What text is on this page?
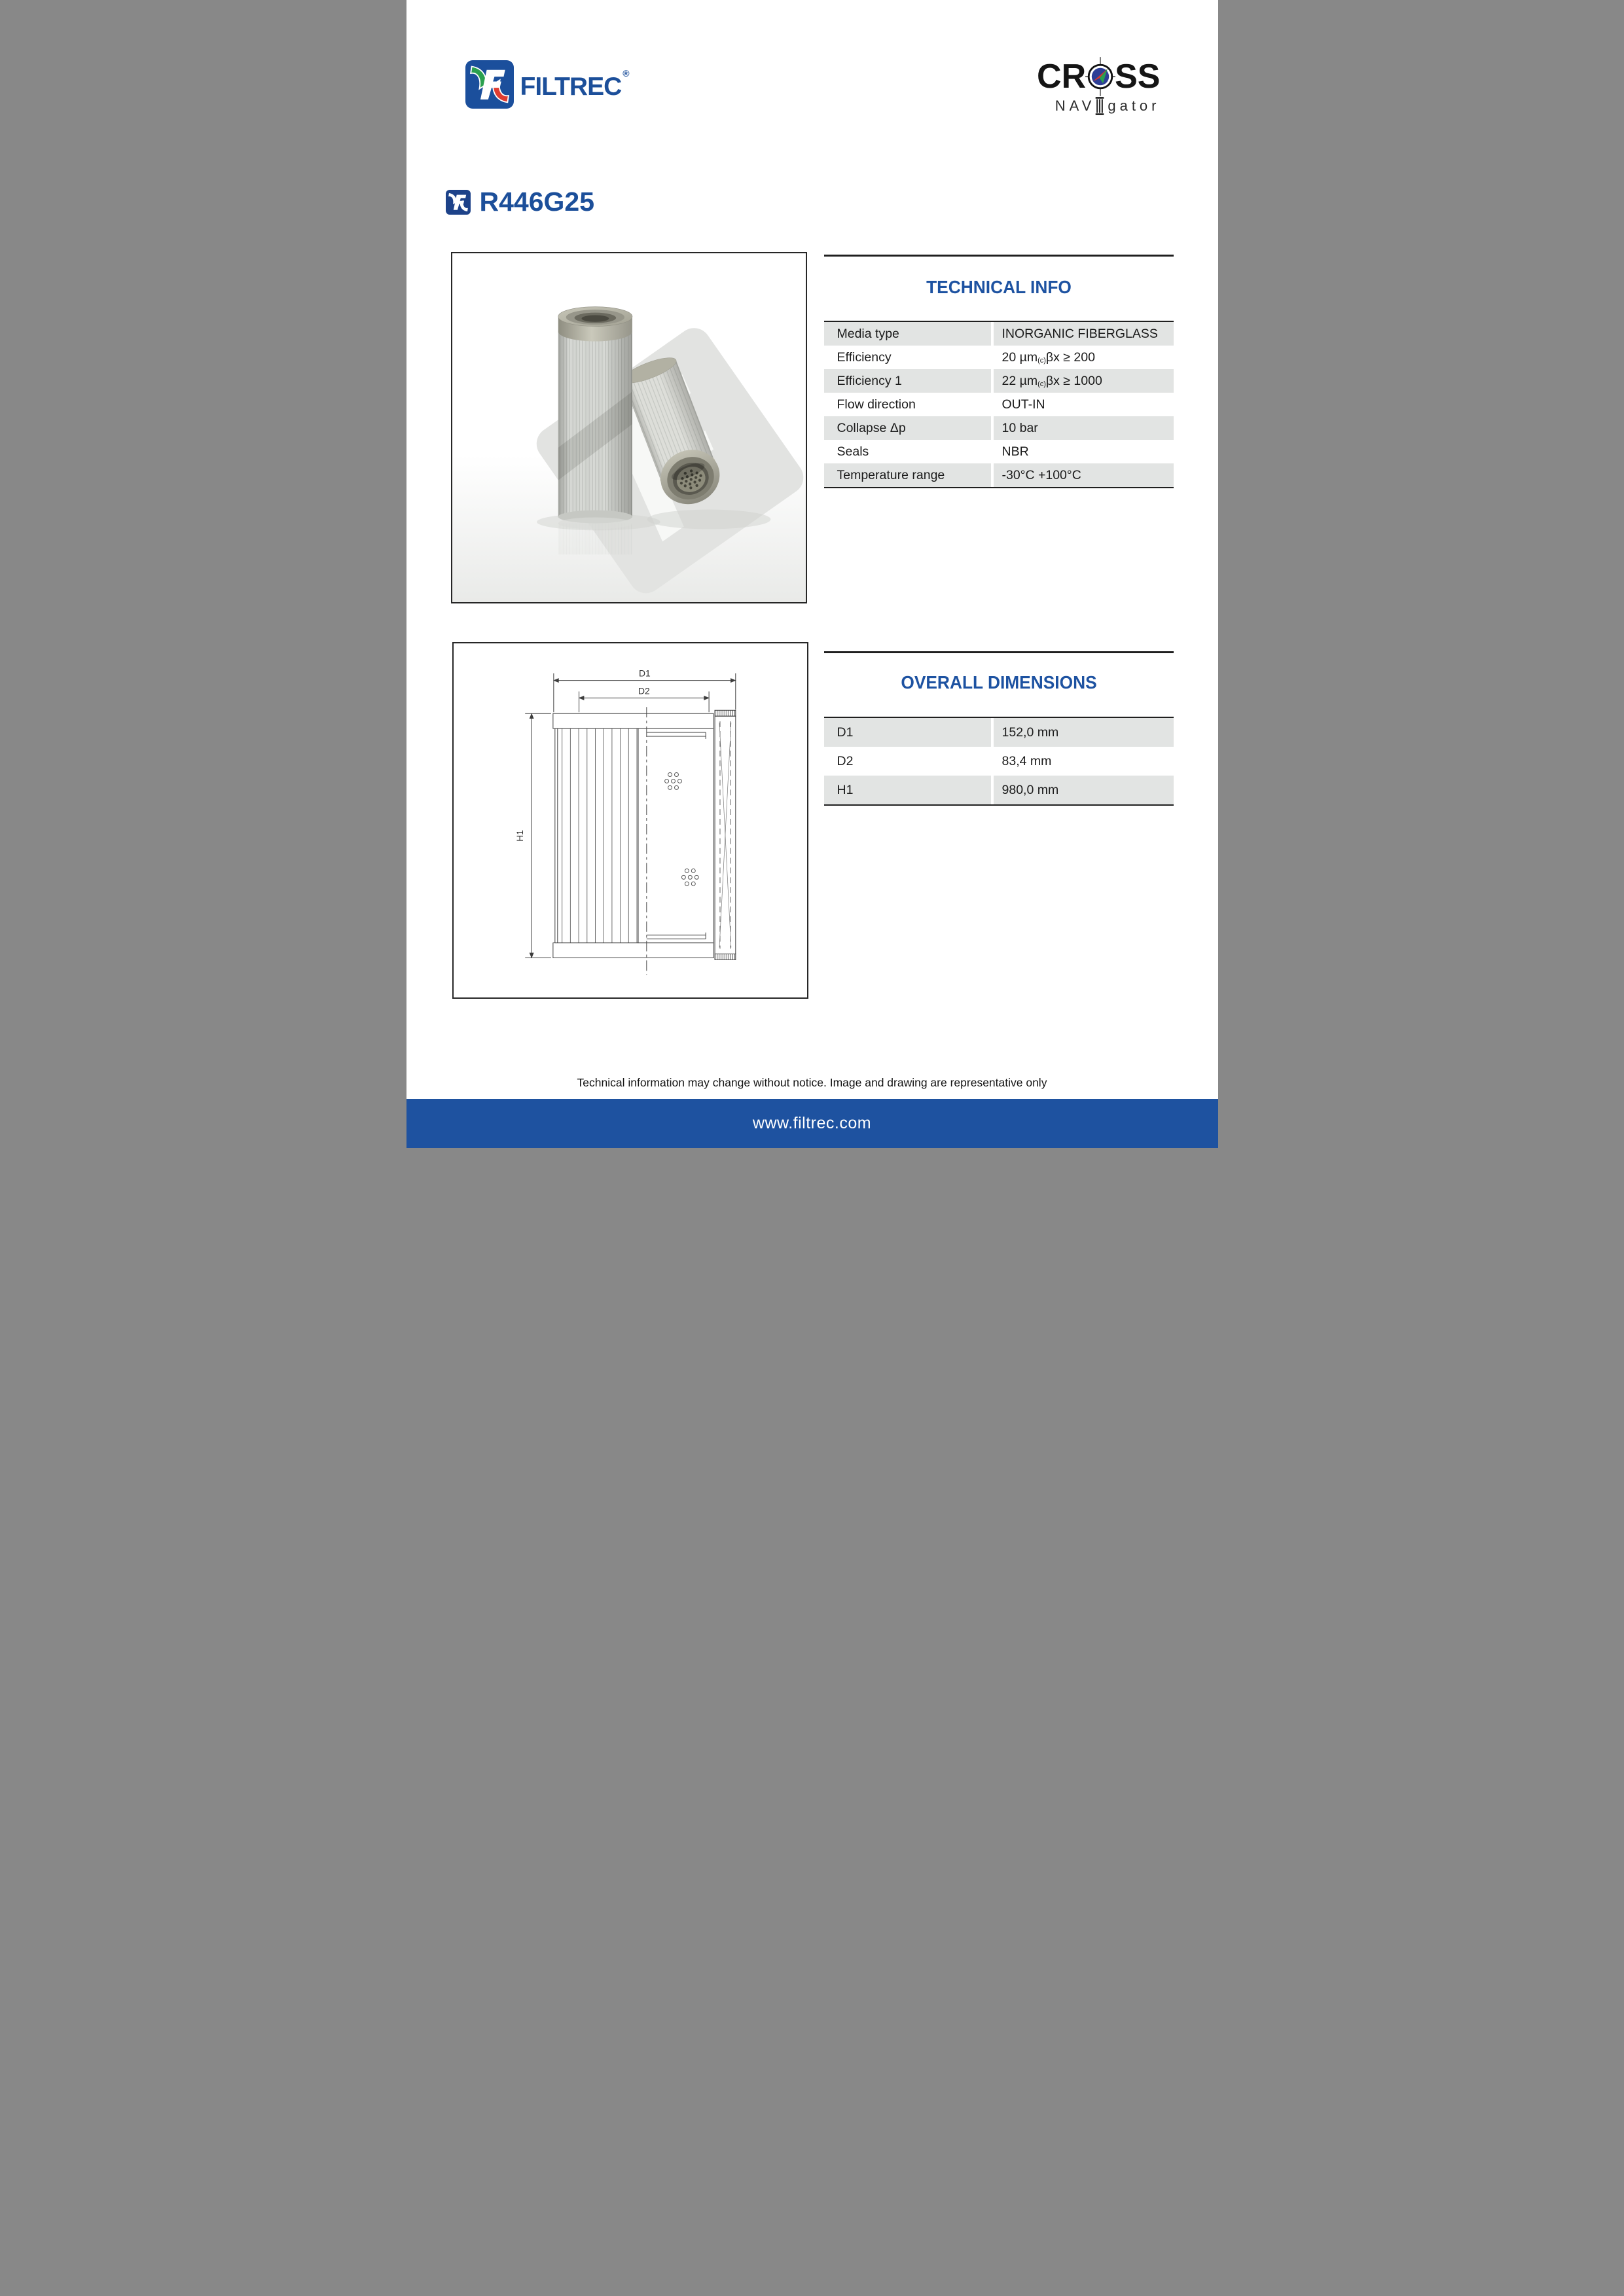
FILTREC ®	CR SS
NAV gator
R446G25
TECHNICAL INFO
Media type	INORGANIC FIBERGLASS
Efficiency	20 µm (c) βx ≥ 200
Efficiency 1	22 µm (c) βx ≥ 1000
Flow direction	OUT-IN
Collapse Δp	10 bar
Seals	NBR
Temperature range	-30°C +100°C
D1
D2
H1
OVERALL DIMENSIONS
D1	152,0 mm
D2	83,4 mm
H1	980,0 mm
Technical information may change without notice. Image and drawing are representative only
www.filtrec.com
